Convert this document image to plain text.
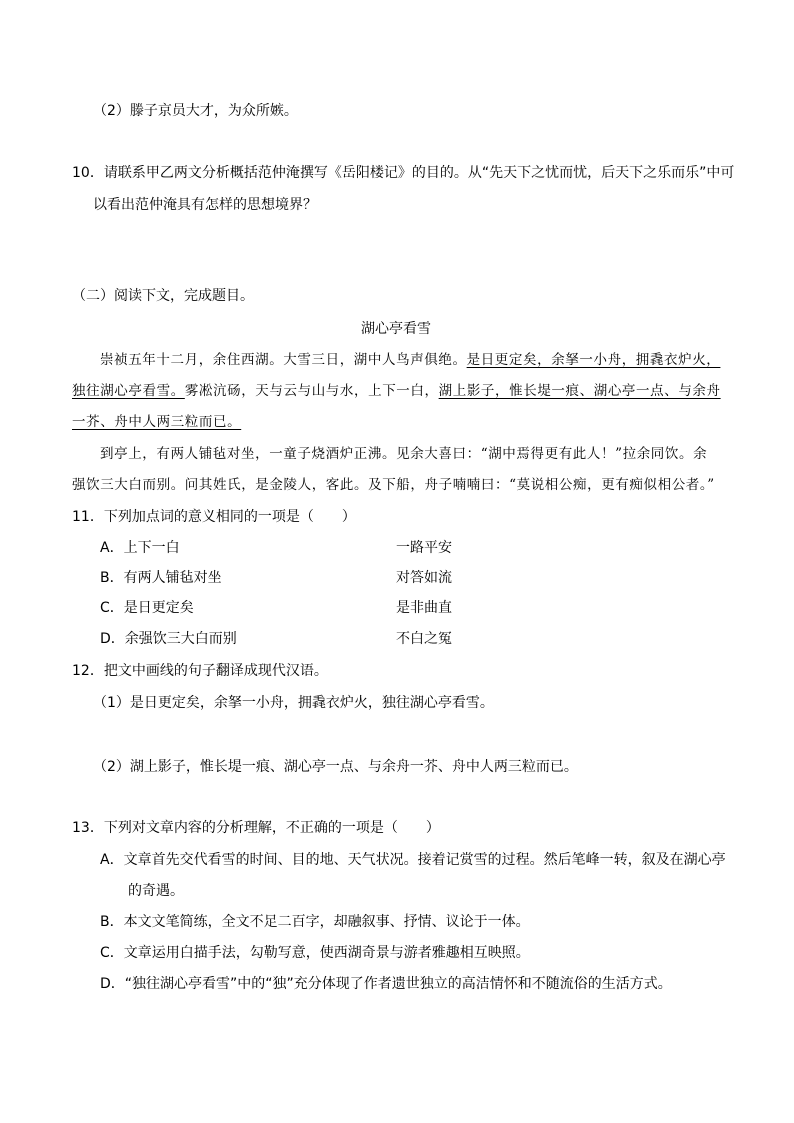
（2）滕子京员大才，为众所嫉。
10．请联系甲乙两文分析概括范仲淹撰写《岳阳楼记》的目的。从“先天下之忧而忧，后天下之乐而乐”中可
以看出范仲淹具有怎样的思想境界？
（二）阅读下文，完成题目。
湖心亭看雪
崇祯五年十二月，余住西湖。大雪三日，湖中人鸟声俱绝。是日更定矣，余拏一小舟，拥毳衣炉火，
独往湖心亭看雪。雾凇沆砀，天与云与山与水，上下一白，湖上影子，惟长堤一痕、湖心亭一点、与余舟
一芥、舟中人两三粒而已。
到亭上，有两人铺毡对坐，一童子烧酒炉正沸。见余大喜曰：“湖中焉得更有此人！”拉余同饮。余
强饮三大白而别。问其姓氏，是金陵人，客此。及下船，舟子喃喃曰：“莫说相公痴，更有痴似相公者。”
11．下列加点词的意义相同的一项是（　　）
A．上下一白	一路平安
B．有两人铺毡对坐	对答如流
C．是日更定矣	是非曲直
D．余强饮三大白而别	不白之冤
12．把文中画线的句子翻译成现代汉语。
（1）是日更定矣，余拏一小舟，拥毳衣炉火，独往湖心亭看雪。
（2）湖上影子，惟长堤一痕、湖心亭一点、与余舟一芥、舟中人两三粒而已。
13．下列对文章内容的分析理解，不正确的一项是（　　）
A．文章首先交代看雪的时间、目的地、天气状况。接着记赏雪的过程。然后笔峰一转，叙及在湖心亭
的奇遇。
B．本文文笔简练，全文不足二百字，却融叙事、抒情、议论于一体。
C．文章运用白描手法，勾勒写意，使西湖奇景与游者雅趣相互映照。
D．“独往湖心亭看雪”中的“独”充分体现了作者遗世独立的高洁情怀和不随流俗的生活方式。
